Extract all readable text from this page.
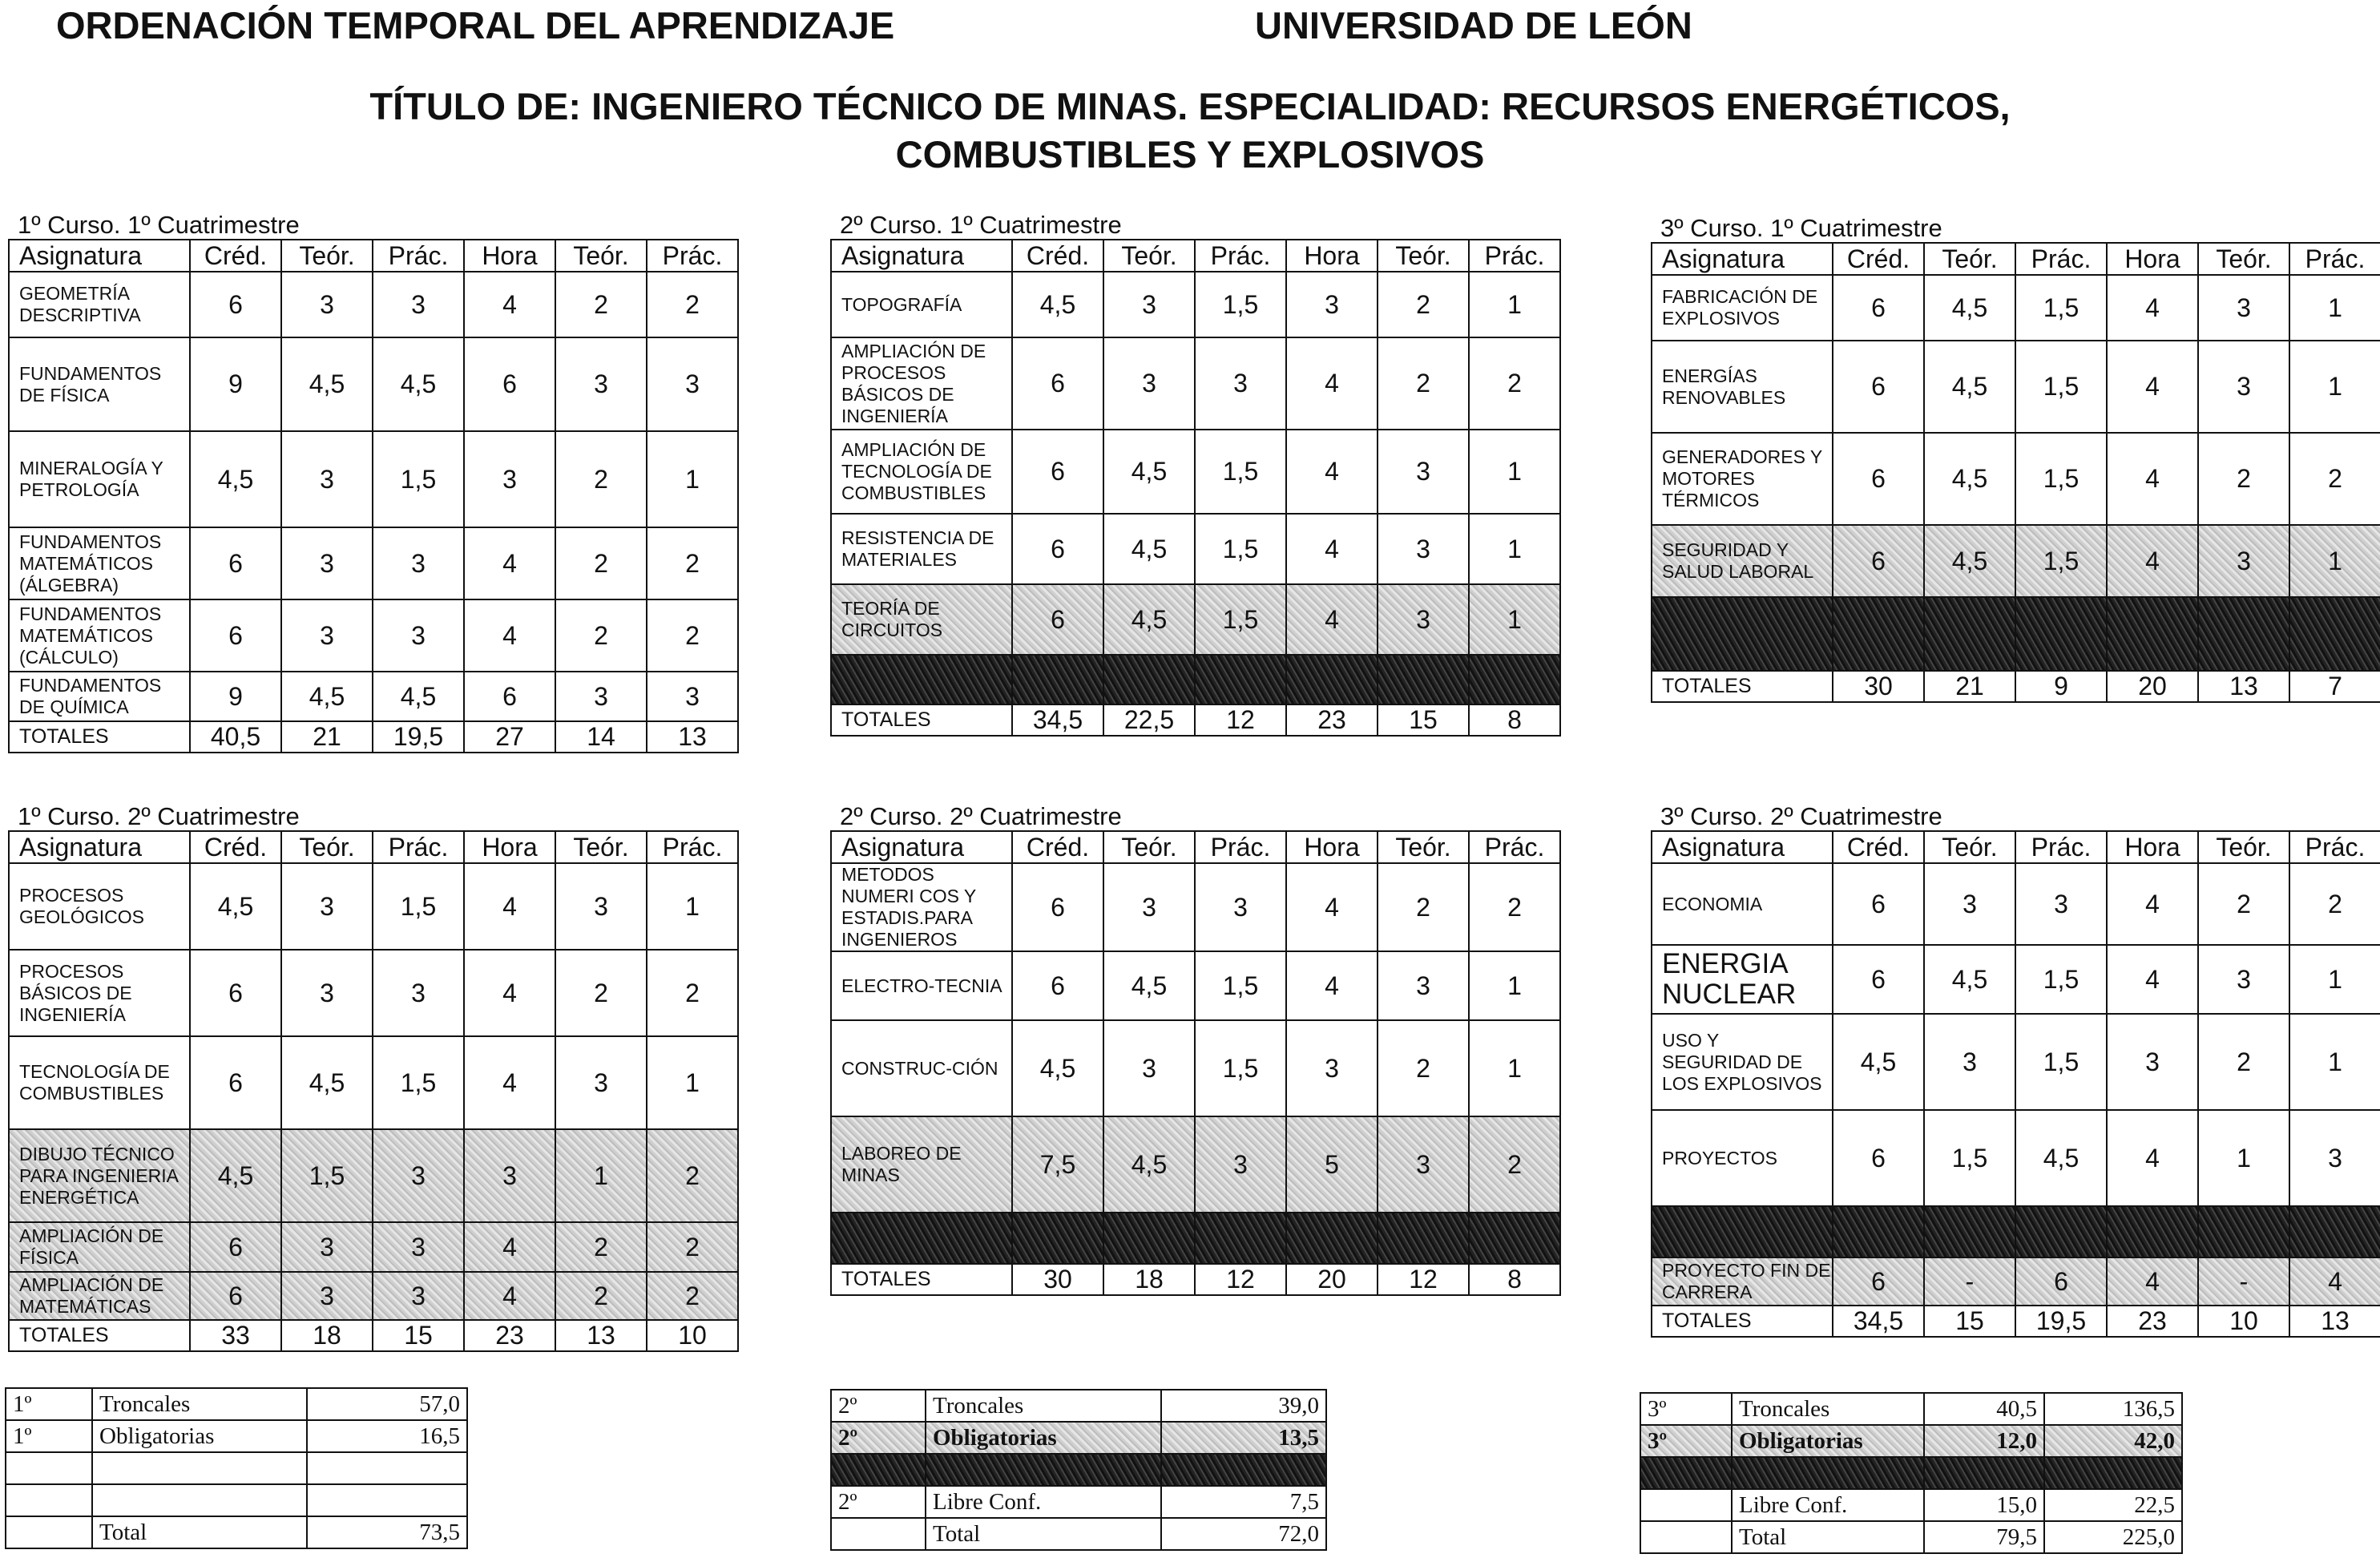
ORDENACIÓN TEMPORAL DEL APRENDIZAJE	UNIVERSIDAD DE LEÓN
TÍTULO DE: INGENIERO TÉCNICO DE MINAS. ESPECIALIDAD: RECURSOS ENERGÉTICOS, COMBUSTIBLES Y EXPLOSIVOS
1º Curso. 1º Cuatrimestre
Asignatura	Créd.	Teór.	Prác.	Hora	Teór.	Prác.
GEOMETRÍA DESCRIPTIVA	6	3	3	4	2	2
FUNDAMENTOS DE FÍSICA	9	4,5	4,5	6	3	3
MINERALOGÍA Y PETROLOGÍA	4,5	3	1,5	3	2	1
FUNDAMENTOS MATEMÁTICOS (ÁLGEBRA)	6	3	3	4	2	2
FUNDAMENTOS MATEMÁTICOS (CÁLCULO)	6	3	3	4	2	2
FUNDAMENTOS DE QUÍMICA	9	4,5	4,5	6	3	3
TOTALES	40,5	21	19,5	27	14	13
2º Curso. 1º Cuatrimestre
Asignatura	Créd.	Teór.	Prác.	Hora	Teór.	Prác.
TOPOGRAFÍA	4,5	3	1,5	3	2	1
AMPLIACIÓN DE PROCESOS BÁSICOS DE INGENIERÍA	6	3	3	4	2	2
AMPLIACIÓN DE TECNOLOGÍA DE COMBUSTIBLES	6	4,5	1,5	4	3	1
RESISTENCIA DE MATERIALES	6	4,5	1,5	4	3	1
TEORÍA DE CIRCUITOS	6	4,5	1,5	4	3	1

TOTALES	34,5	22,5	12	23	15	8
3º Curso. 1º Cuatrimestre
Asignatura	Créd.	Teór.	Prác.	Hora	Teór.	Prác.
FABRICACIÓN DE EXPLOSIVOS	6	4,5	1,5	4	3	1
ENERGÍAS RENOVABLES	6	4,5	1,5	4	3	1
GENERADORES Y MOTORES TÉRMICOS	6	4,5	1,5	4	2	2
SEGURIDAD Y SALUD LABORAL	6	4,5	1,5	4	3	1

TOTALES	30	21	9	20	13	7
1º Curso. 2º Cuatrimestre
Asignatura	Créd.	Teór.	Prác.	Hora	Teór.	Prác.
PROCESOS GEOLÓGICOS	4,5	3	1,5	4	3	1
PROCESOS BÁSICOS DE INGENIERÍA	6	3	3	4	2	2
TECNOLOGÍA DE COMBUSTIBLES	6	4,5	1,5	4	3	1
DIBUJO TÉCNICO PARA INGENIERIA ENERGÉTICA	4,5	1,5	3	3	1	2
AMPLIACIÓN DE FÍSICA	6	3	3	4	2	2
AMPLIACIÓN DE MATEMÁTICAS	6	3	3	4	2	2
TOTALES	33	18	15	23	13	10
2º Curso. 2º Cuatrimestre
Asignatura	Créd.	Teór.	Prác.	Hora	Teór.	Prác.
METODOS NUMERI COS Y ESTADIS.PARA INGENIEROS	6	3	3	4	2	2
ELECTRO-TECNIA	6	4,5	1,5	4	3	1
CONSTRUC-CIÓN	4,5	3	1,5	3	2	1
LABOREO DE MINAS	7,5	4,5	3	5	3	2

TOTALES	30	18	12	20	12	8
3º Curso. 2º Cuatrimestre
Asignatura	Créd.	Teór.	Prác.	Hora	Teór.	Prác.
ECONOMIA	6	3	3	4	2	2
ENERGIA NUCLEAR	6	4,5	1,5	4	3	1
USO Y SEGURIDAD DE LOS EXPLOSIVOS	4,5	3	1,5	3	2	1
PROYECTOS	6	1,5	4,5	4	1	3

PROYECTO FIN DE CARRERA	6	-	6	4	-	4
TOTALES	34,5	15	19,5	23	10	13
1º	Troncales	57,0
1º	Obligatorias	16,5

	Total	73,5
2º	Troncales	39,0
2º	Obligatorias	13,5

2º	Libre Conf.	7,5
	Total	72,0
3º	Troncales	40,5	136,5
3º	Obligatorias	12,0	42,0

	Libre Conf.	15,0	22,5
	Total	79,5	225,0
